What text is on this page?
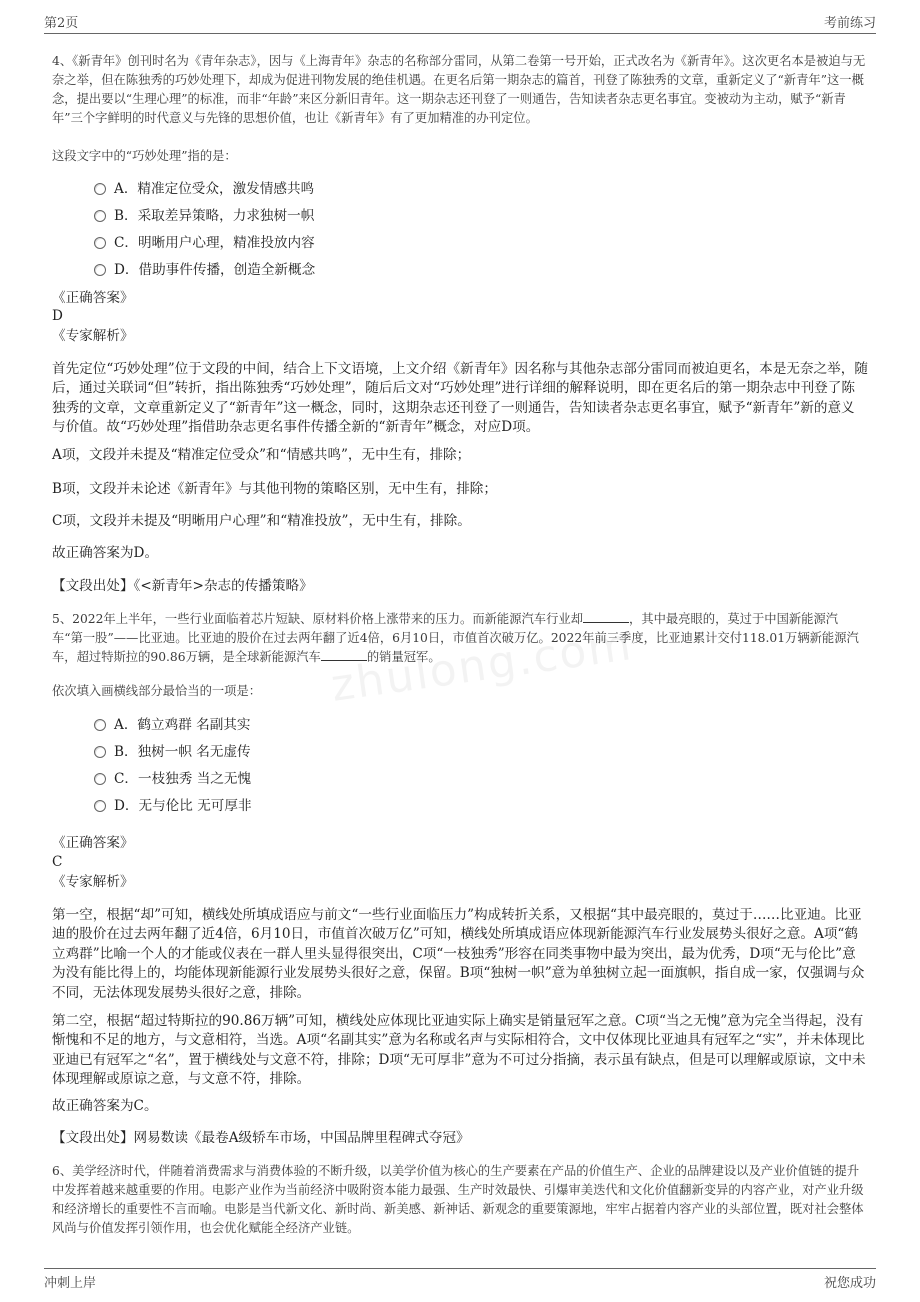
第2页	考前练习

4、《新青年》创刊时名为《青年杂志》，因与《上海青年》杂志的名称部分雷同，从第二卷第一号开始，正式改名为《新青年》。这次更名本是被迫与无奈之举，但在陈独秀的巧妙处理下，却成为促进刊物发展的绝佳机遇。在更名后第一期杂志的篇首，刊登了陈独秀的文章，重新定义了“新青年”这一概念，提出要以“生理心理”的标准，而非“年龄”来区分新旧青年。这一期杂志还刊登了一则通告，告知读者杂志更名事宜。变被动为主动，赋予“新青年”三个字鲜明的时代意义与先锋的思想价值，也让《新青年》有了更加精准的办刊定位。

这段文字中的“巧妙处理”指的是：

A．精准定位受众，激发情感共鸣
B．采取差异策略，力求独树一帜
C．明晰用户心理，精准投放内容
D．借助事件传播，创造全新概念

《正确答案》

D

《专家解析》

首先定位“巧妙处理”位于文段的中间，结合上下文语境，上文介绍《新青年》因名称与其他杂志部分雷同而被迫更名，本是无奈之举，随后，通过关联词“但”转折，指出陈独秀“巧妙处理”，随后后文对“巧妙处理”进行详细的解释说明，即在更名后的第一期杂志中刊登了陈独秀的文章，文章重新定义了“新青年”这一概念，同时，这期杂志还刊登了一则通告，告知读者杂志更名事宜，赋予“新青年”新的意义与价值。故“巧妙处理”指借助杂志更名事件传播全新的“新青年”概念，对应D项。

A项，文段并未提及“精准定位受众”和“情感共鸣”，无中生有，排除；

B项，文段并未论述《新青年》与其他刊物的策略区别，无中生有，排除；

C项，文段并未提及“明晰用户心理”和“精准投放”，无中生有，排除。

故正确答案为D。

【文段出处】《<新青年>杂志的传播策略》

5、2022年上半年，一些行业面临着芯片短缺、原材料价格上涨带来的压力。而新能源汽车行业却	，其中最亮眼的，莫过于中国新能源汽车“第一股”——比亚迪。比亚迪的股价在过去两年翻了近4倍，6月10日，市值首次破万亿。2022年前三季度，比亚迪累计交付118.01万辆新能源汽车，超过特斯拉的90.86万辆，是全球新能源汽车	的销量冠军。

依次填入画横线部分最恰当的一项是：

A．鹤立鸡群 名副其实
B．独树一帜 名无虚传
C．一枝独秀 当之无愧
D．无与伦比 无可厚非

《正确答案》

C

《专家解析》

第一空，根据“却”可知，横线处所填成语应与前文“一些行业面临压力”构成转折关系，又根据“其中最亮眼的，莫过于……比亚迪。比亚迪的股价在过去两年翻了近4倍，6月10日，市值首次破万亿”可知，横线处所填成语应体现新能源汽车行业发展势头很好之意。A项“鹤立鸡群”比喻一个人的才能或仪表在一群人里头显得很突出，C项“一枝独秀”形容在同类事物中最为突出，最为优秀，D项“无与伦比”意为没有能比得上的，均能体现新能源行业发展势头很好之意，保留。B项“独树一帜”意为单独树立起一面旗帜，指自成一家，仅强调与众不同，无法体现发展势头很好之意，排除。

第二空，根据“超过特斯拉的90.86万辆”可知，横线处应体现比亚迪实际上确实是销量冠军之意。C项“当之无愧”意为完全当得起，没有惭愧和不足的地方，与文意相符，当选。A项“名副其实”意为名称或名声与实际相符合，文中仅体现比亚迪具有冠军之“实”，并未体现比亚迪已有冠军之“名”，置于横线处与文意不符，排除；D项“无可厚非”意为不可过分指摘，表示虽有缺点，但是可以理解或原谅，文中未体现理解或原谅之意，与文意不符，排除。

故正确答案为C。

【文段出处】网易数读《最卷A级轿车市场，中国品牌里程碑式夺冠》

6、美学经济时代，伴随着消费需求与消费体验的不断升级，以美学价值为核心的生产要素在产品的价值生产、企业的品牌建设以及产业价值链的提升中发挥着越来越重要的作用。电影产业作为当前经济中吸附资本能力最强、生产时效最快、引爆审美迭代和文化价值翻新变异的内容产业，对产业升级和经济增长的重要性不言而喻。电影是当代新文化、新时尚、新美感、新神话、新观念的重要策源地，牢牢占据着内容产业的头部位置，既对社会整体风尚与价值发挥引领作用，也会优化赋能全经济产业链。

冲刺上岸	祝您成功
